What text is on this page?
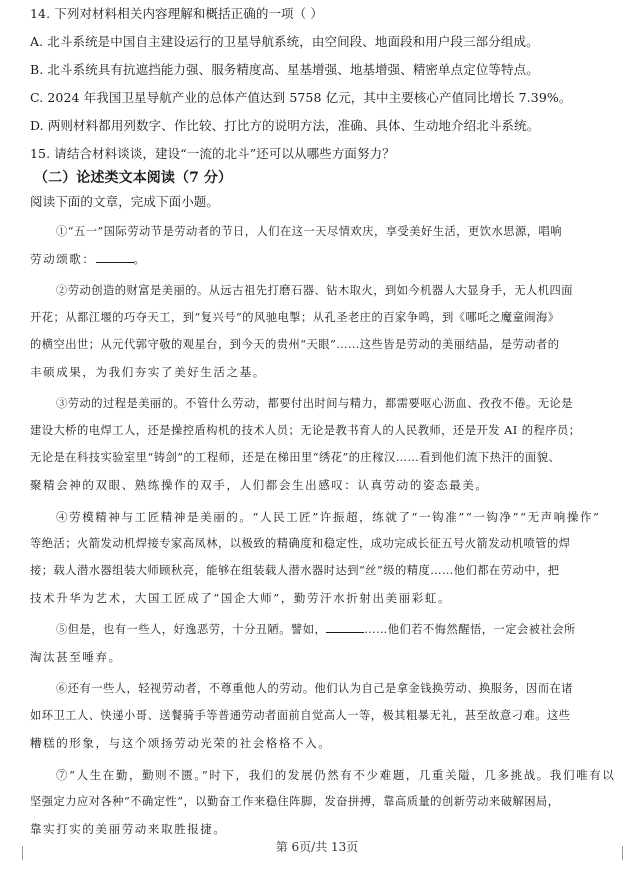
14. 下列对材料相关内容理解和概括正确的一项（ ）
A. 北斗系统是中国自主建设运行的卫星导航系统，由空间段、地面段和用户段三部分组成。
B. 北斗系统具有抗遮挡能力强、服务精度高、星基增强、地基增强、精密单点定位等特点。
C. 2024 年我国卫星导航产业的总体产值达到 5758 亿元，其中主要核心产值同比增长 7.39%。
D. 两则材料都用列数字、作比较、打比方的说明方法，准确、具体、生动地介绍北斗系统。
15. 请结合材料谈谈，建设“一流的北斗”还可以从哪些方面努力？
（二）论述类文本阅读（7 分）
阅读下面的文章，完成下面小题。
①“五一”国际劳动节是劳动者的节日，人们在这一天尽情欢庆，享受美好生活，更饮水思源，唱响
劳动颂歌：	。
②劳动创造的财富是美丽的。从远古祖先打磨石器、钻木取火，到如今机器人大显身手，无人机四面
开花；从都江堰的巧夺天工，到“复兴号”的风驰电掣；从孔圣老庄的百家争鸣，到《哪吒之魔童闹海》
的横空出世；从元代郭守敬的观星台，到今天的贵州“天眼”……这些皆是劳动的美丽结晶，是劳动者的
丰硕成果，为我们夯实了美好生活之基。
③劳动的过程是美丽的。不管什么劳动，都要付出时间与精力，都需要呕心沥血、孜孜不倦。无论是
建设大桥的电焊工人，还是操控盾构机的技术人员；无论是教书育人的人民教师，还是开发 AI 的程序员；
无论是在科技实验室里“铸剑”的工程师，还是在梯田里“绣花”的庄稼汉……看到他们流下热汗的面貌、
聚精会神的双眼、熟练操作的双手，人们都会生出感叹：认真劳动的姿态最美。
④劳模精神与工匠精神是美丽的。“人民工匠”许振超，练就了“一钩准”“一钩净”“无声响操作”
等绝活；火箭发动机焊接专家高凤林，以极致的精确度和稳定性，成功完成长征五号火箭发动机喷管的焊
接；载人潜水器组装大师顾秋亮，能够在组装载人潜水器时达到“丝”级的精度……他们都在劳动中，把
技术升华为艺术，大国工匠成了“国企大师”，勤劳汗水折射出美丽彩虹。
⑤但是，也有一些人，好逸恶劳，十分丑陋。譬如，	……他们若不悔然醒悟，一定会被社会所
淘汰甚至唾弃。
⑥还有一些人，轻视劳动者，不尊重他人的劳动。他们认为自己是拿金钱换劳动、换服务，因而在诸
如环卫工人、快递小哥、送餐骑手等普通劳动者面前自觉高人一等，极其粗暴无礼，甚至故意刁难。这些
糟糕的形象，与这个颂扬劳动光荣的社会格格不入。
⑦“人生在勤，勤则不匮。”时下，我们的发展仍然有不少难题，几重关隘，几多挑战。我们唯有以
坚强定力应对各种“不确定性”，以勤奋工作来稳住阵脚，发奋拼搏，靠高质量的创新劳动来破解困局，
靠实打实的美丽劳动来取胜报捷。
第 6页/共 13页
